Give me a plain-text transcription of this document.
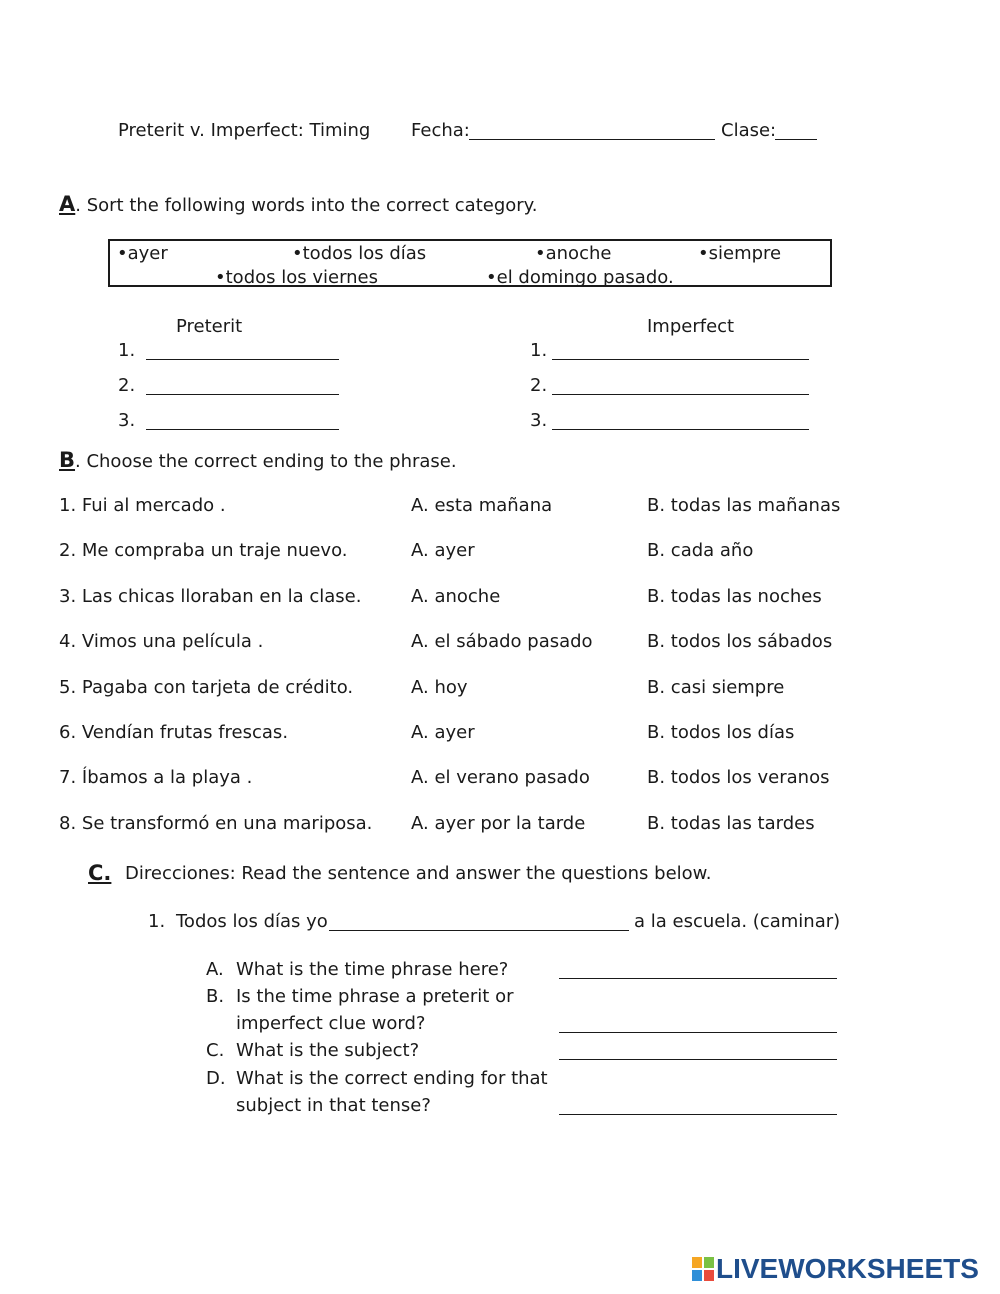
Preterit v. Imperfect: Timing Fecha:	Clase:
A. Sort the following words into the correct category.
•ayer	•todos los días	•anoche	•siempre
•todos los viernes	•el domingo pasado.
Preterit	Imperfect
1.
2.
3.
1.
2.
3.
B. Choose the correct ending to the phrase.
1. Fui al mercado .	A. esta mañana	B. todas las mañanas
2. Me compraba un traje nuevo.	A. ayer	B. cada año
3. Las chicas lloraban en la clase.	A. anoche	B. todas las noches
4. Vimos una película .	A. el sábado pasado	B. todos los sábados
5. Pagaba con tarjeta de crédito.	A. hoy	B. casi siempre
6. Vendían frutas frescas.	A. ayer	B. todos los días
7. Íbamos a la playa .	A. el verano pasado	B. todos los veranos
8. Se transformó en una mariposa. A. ayer por la tarde	B. todas las tardes
C. Direcciones: Read the sentence and answer the questions below.
1. Todos los días yo	a la escuela. (caminar)
A. What is the time phrase here?
B. Is the time phrase a preterit or
imperfect clue word?
C. What is the subject?
D. What is the correct ending for that
subject in that tense?
LIVEWORKSHEETS
